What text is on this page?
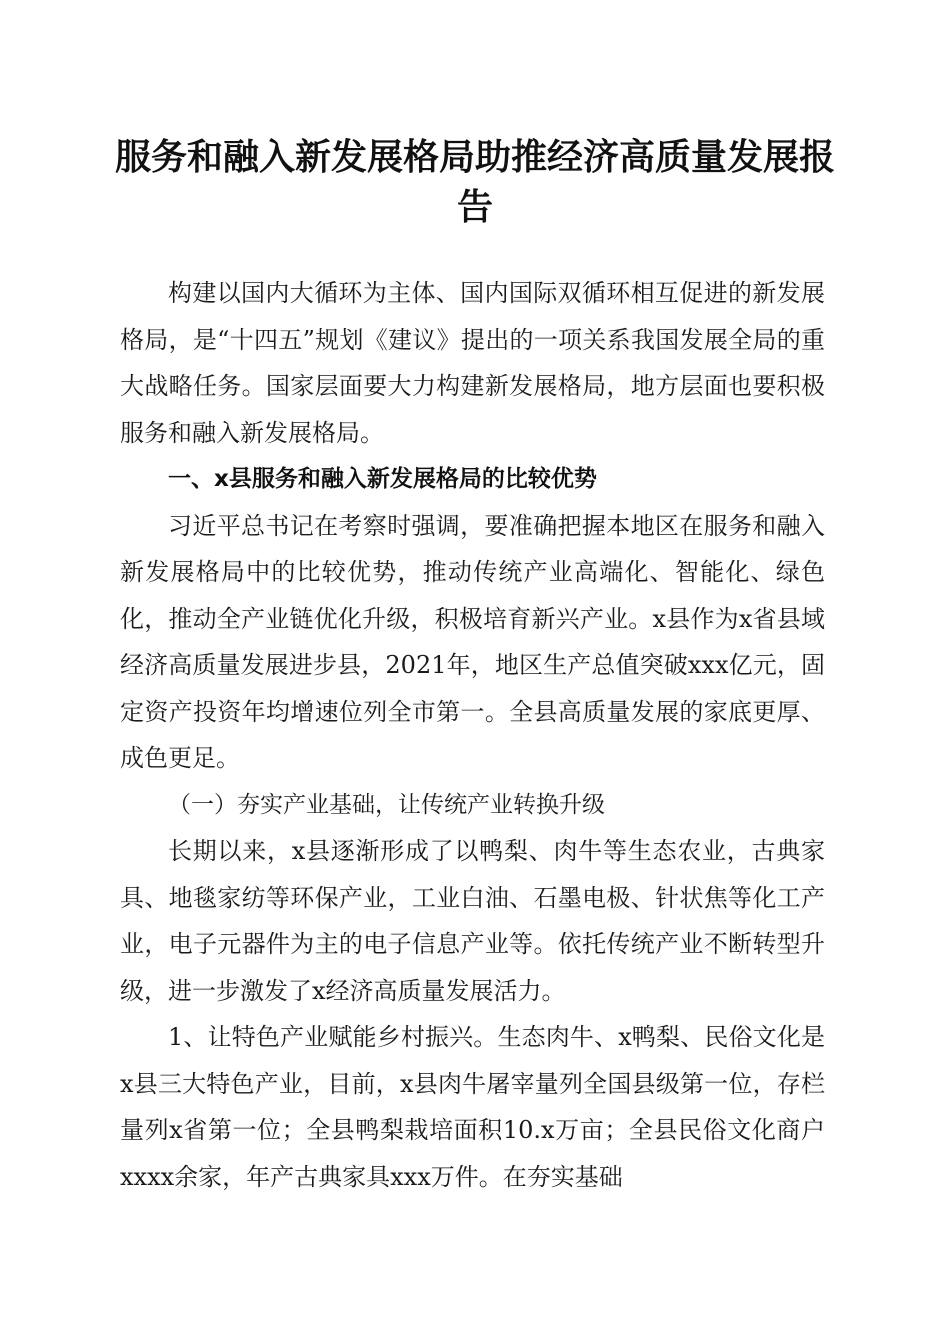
服务和融入新发展格局助推经济高质量发展报告

构建以国内大循环为主体、国内国际双循环相互促进的新发展格局，是“十四五”规划《建议》提出的一项关系我国发展全局的重大战略任务。国家层面要大力构建新发展格局，地方层面也要积极服务和融入新发展格局。

一、x县服务和融入新发展格局的比较优势

习近平总书记在考察时强调，要准确把握本地区在服务和融入新发展格局中的比较优势，推动传统产业高端化、智能化、绿色化，推动全产业链优化升级，积极培育新兴产业。x县作为x省县域经济高质量发展进步县，2021年，地区生产总值突破xxx亿元，固定资产投资年均增速位列全市第一。全县高质量发展的家底更厚、成色更足。

（一）夯实产业基础，让传统产业转换升级

长期以来，x县逐渐形成了以鸭梨、肉牛等生态农业，古典家具、地毯家纺等环保产业，工业白油、石墨电极、针状焦等化工产业，电子元器件为主的电子信息产业等。依托传统产业不断转型升级，进一步激发了x经济高质量发展活力。

1、让特色产业赋能乡村振兴。生态肉牛、x鸭梨、民俗文化是x县三大特色产业，目前，x县肉牛屠宰量列全国县级第一位，存栏量列x省第一位；全县鸭梨栽培面积10.x万亩；全县民俗文化商户xxxx余家，年产古典家具xxx万件。在夯实基础
